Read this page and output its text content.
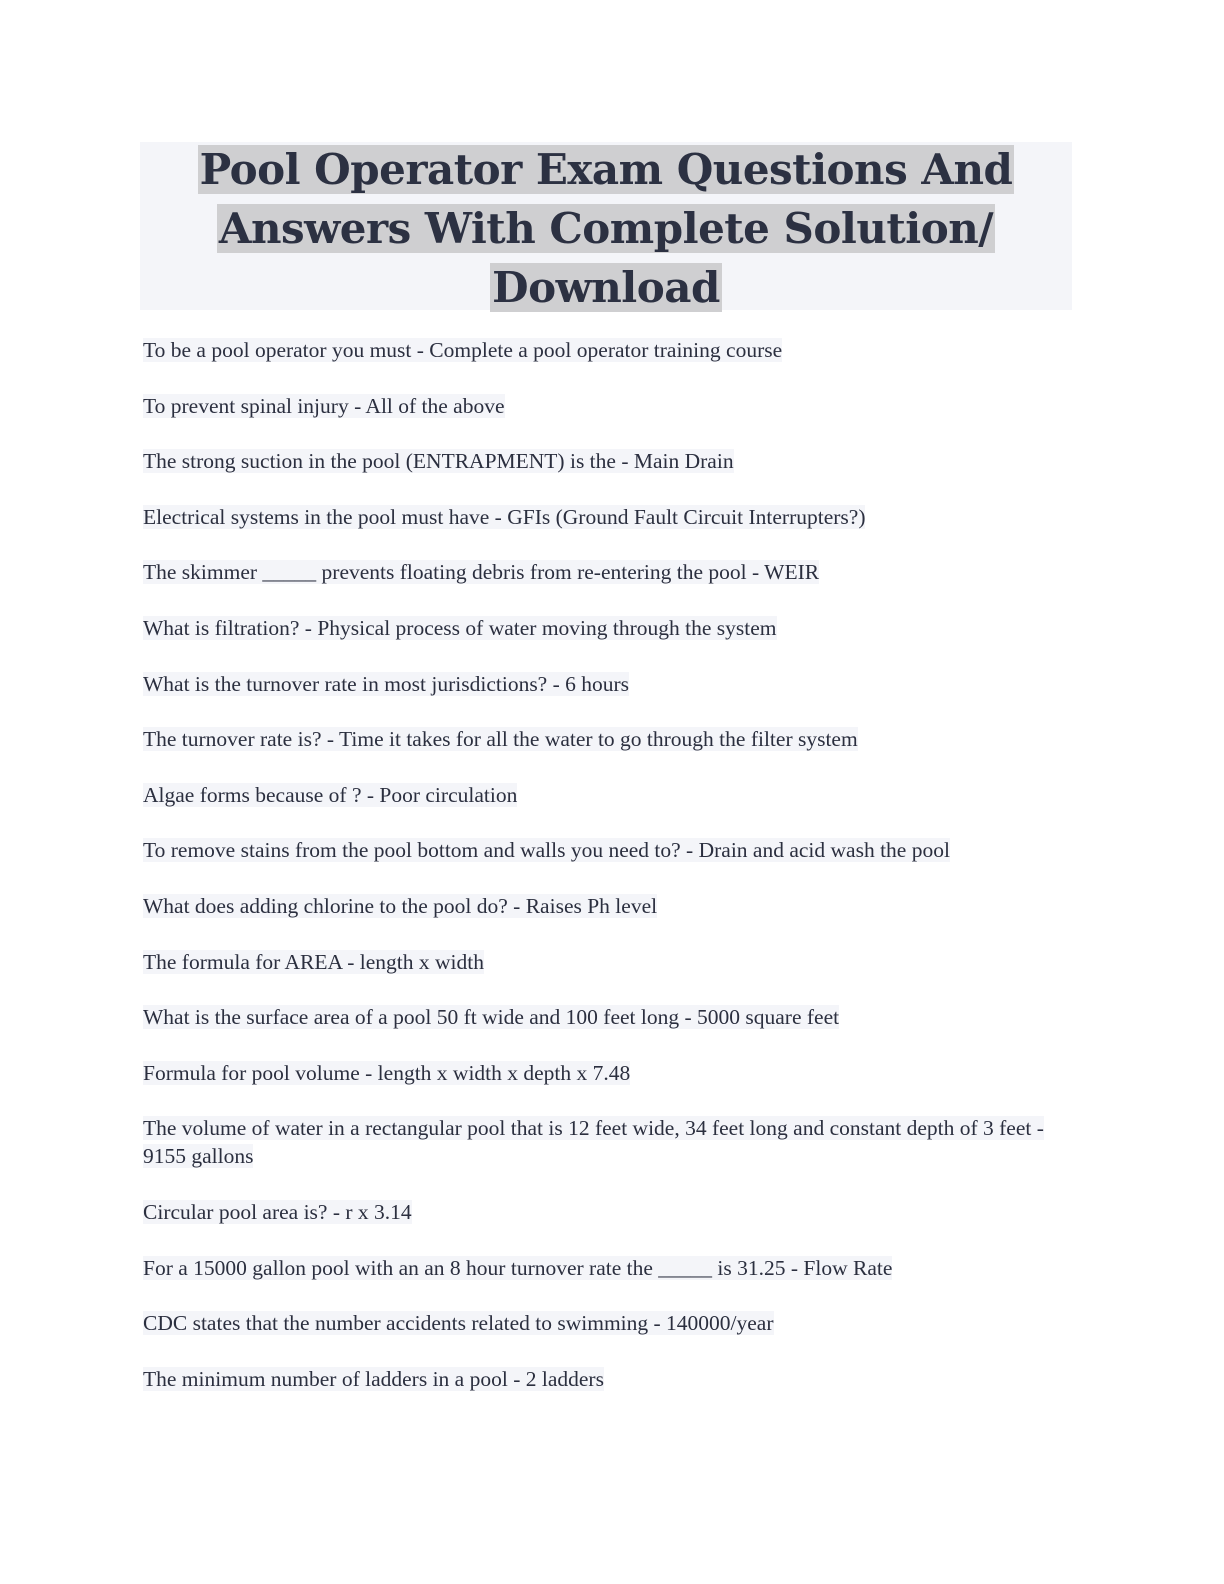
Pool Operator Exam Questions And
Answers With Complete Solution/
Download
To be a pool operator you must - Complete a pool operator training course
To prevent spinal injury - All of the above
The strong suction in the pool (ENTRAPMENT) is the - Main Drain
Electrical systems in the pool must have - GFIs (Ground Fault Circuit Interrupters?)
The skimmer _____ prevents floating debris from re-entering the pool - WEIR
What is filtration? - Physical process of water moving through the system
What is the turnover rate in most jurisdictions? - 6 hours
The turnover rate is? - Time it takes for all the water to go through the filter system
Algae forms because of ? - Poor circulation
To remove stains from the pool bottom and walls you need to? - Drain and acid wash the pool
What does adding chlorine to the pool do? - Raises Ph level
The formula for AREA - length x width
What is the surface area of a pool 50 ft wide and 100 feet long - 5000 square feet
Formula for pool volume - length x width x depth x 7.48
The volume of water in a rectangular pool that is 12 feet wide, 34 feet long and constant depth of 3 feet - 9155 gallons
Circular pool area is? - r x 3.14
For a 15000 gallon pool with an an 8 hour turnover rate the _____ is 31.25 - Flow Rate
CDC states that the number accidents related to swimming - 140000/year
The minimum number of ladders in a pool - 2 ladders
